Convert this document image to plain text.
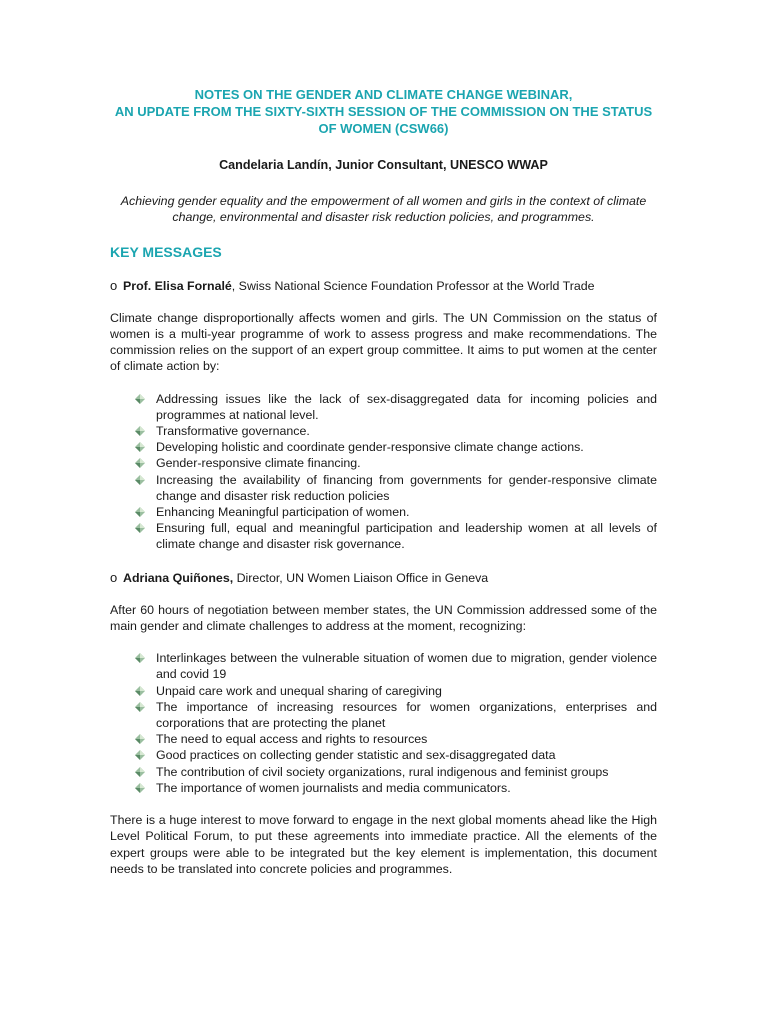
NOTES ON THE GENDER AND CLIMATE CHANGE WEBINAR,
AN UPDATE FROM THE SIXTY-SIXTH SESSION OF THE COMMISSION ON THE STATUS
OF WOMEN (CSW66)
Candelaria Landín, Junior Consultant, UNESCO WWAP
Achieving gender equality and the empowerment of all women and girls in the context of climate change, environmental and disaster risk reduction policies, and programmes.
KEY MESSAGES
o Prof. Elisa Fornalé, Swiss National Science Foundation Professor at the World Trade
Climate change disproportionally affects women and girls. The UN Commission on the status of women is a multi-year programme of work to assess progress and make recommendations. The commission relies on the support of an expert group committee. It aims to put women at the center of climate action by:
Addressing issues like the lack of sex-disaggregated data for incoming policies and programmes at national level.
Transformative governance.
Developing holistic and coordinate gender-responsive climate change actions.
Gender-responsive climate financing.
Increasing the availability of financing from governments for gender-responsive climate change and disaster risk reduction policies
Enhancing Meaningful participation of women.
Ensuring full, equal and meaningful participation and leadership women at all levels of climate change and disaster risk governance.
o Adriana Quiñones, Director, UN Women Liaison Office in Geneva
After 60 hours of negotiation between member states, the UN Commission addressed some of the main gender and climate challenges to address at the moment, recognizing:
Interlinkages between the vulnerable situation of women due to migration, gender violence and covid 19
Unpaid care work and unequal sharing of caregiving
The importance of increasing resources for women organizations, enterprises and corporations that are protecting the planet
The need to equal access and rights to resources
Good practices on collecting gender statistic and sex-disaggregated data
The contribution of civil society organizations, rural indigenous and feminist groups
The importance of women journalists and media communicators.
There is a huge interest to move forward to engage in the next global moments ahead like the High Level Political Forum, to put these agreements into immediate practice. All the elements of the expert groups were able to be integrated but the key element is implementation, this document needs to be translated into concrete policies and programmes.
